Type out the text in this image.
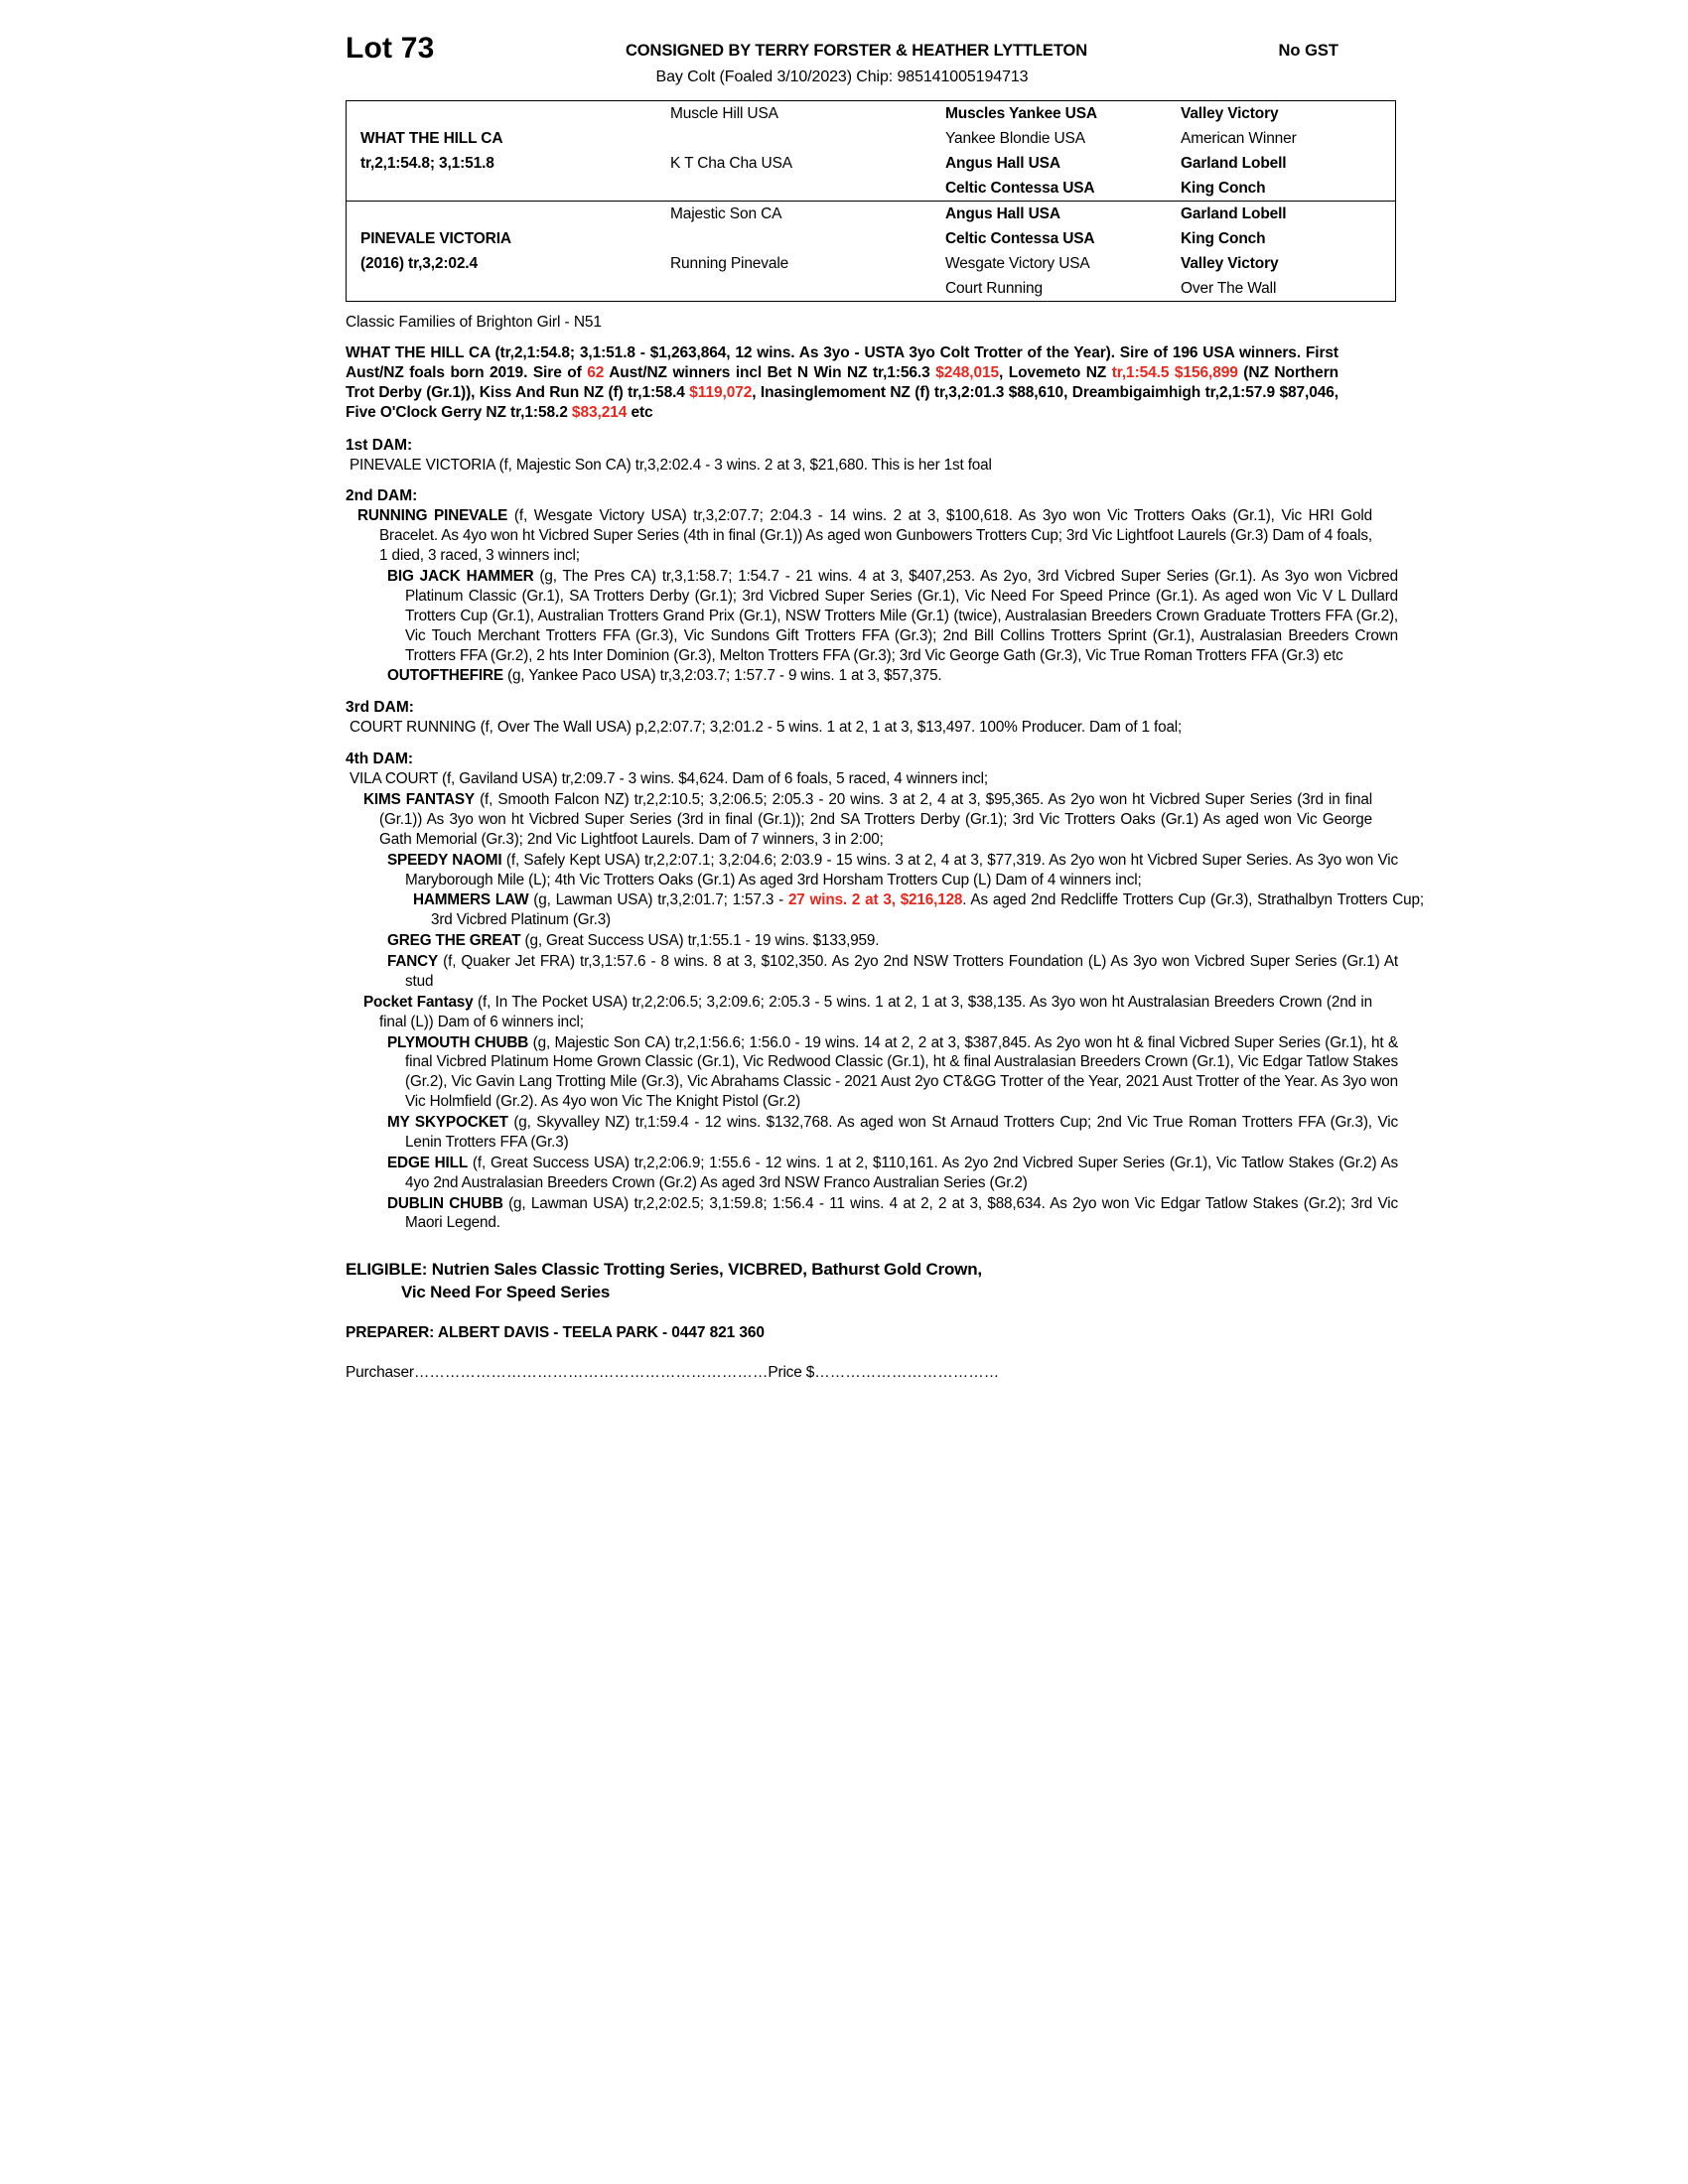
Lot 73	CONSIGNED BY TERRY FORSTER & HEATHER LYTTLETON	No GST
Bay Colt (Foaled 3/10/2023) Chip: 985141005194713
	Muscle Hill USA	Muscles Yankee USA	Valley Victory
WHAT THE HILL CA		Yankee Blondie USA	American Winner
tr,2,1:54.8; 3,1:51.8	K T Cha Cha USA	Angus Hall USA	Garland Lobell
		Celtic Contessa USA	King Conch
	Majestic Son CA	Angus Hall USA	Garland Lobell
PINEVALE VICTORIA		Celtic Contessa USA	King Conch
(2016) tr,3,2:02.4	Running Pinevale	Wesgate Victory USA	Valley Victory
		Court Running	Over The Wall
Classic Families of Brighton Girl - N51
WHAT THE HILL CA (tr,2,1:54.8; 3,1:51.8 - $1,263,864, 12 wins. As 3yo - USTA 3yo Colt Trotter of the Year). Sire of 196 USA winners. First Aust/NZ foals born 2019. Sire of 62 Aust/NZ winners incl Bet N Win NZ tr,1:56.3 $248,015, Lovemeto NZ tr,1:54.5 $156,899 (NZ Northern Trot Derby (Gr.1)), Kiss And Run NZ (f) tr,1:58.4 $119,072, Inasinglemoment NZ (f) tr,3,2:01.3 $88,610, Dreambigaimhigh tr,2,1:57.9 $87,046, Five O'Clock Gerry NZ tr,1:58.2 $83,214 etc
1st DAM:

PINEVALE VICTORIA (f, Majestic Son CA) tr,3,2:02.4 - 3 wins. 2 at 3, $21,680. This is her 1st foal

2nd DAM:

RUNNING PINEVALE (f, Wesgate Victory USA) tr,3,2:07.7; 2:04.3 - 14 wins. 2 at 3, $100,618. As 3yo won Vic Trotters Oaks (Gr.1), Vic HRI Gold Bracelet. As 4yo won ht Vicbred Super Series (4th in final (Gr.1)) As aged won Gunbowers Trotters Cup; 3rd Vic Lightfoot Laurels (Gr.3) Dam of 4 foals, 1 died, 3 raced, 3 winners incl;

BIG JACK HAMMER (g, The Pres CA) tr,3,1:58.7; 1:54.7 - 21 wins. 4 at 3, $407,253. As 2yo, 3rd Vicbred Super Series (Gr.1). As 3yo won Vicbred Platinum Classic (Gr.1), SA Trotters Derby (Gr.1); 3rd Vicbred Super Series (Gr.1), Vic Need For Speed Prince (Gr.1). As aged won Vic V L Dullard Trotters Cup (Gr.1), Australian Trotters Grand Prix (Gr.1), NSW Trotters Mile (Gr.1) (twice), Australasian Breeders Crown Graduate Trotters FFA (Gr.2), Vic Touch Merchant Trotters FFA (Gr.3), Vic Sundons Gift Trotters FFA (Gr.3); 2nd Bill Collins Trotters Sprint (Gr.1), Australasian Breeders Crown Trotters FFA (Gr.2), 2 hts Inter Dominion (Gr.3), Melton Trotters FFA (Gr.3); 3rd Vic George Gath (Gr.3), Vic True Roman Trotters FFA (Gr.3) etc

OUTOFTHEFIRE (g, Yankee Paco USA) tr,3,2:03.7; 1:57.7 - 9 wins. 1 at 3, $57,375.

3rd DAM:

COURT RUNNING (f, Over The Wall USA) p,2,2:07.7; 3,2:01.2 - 5 wins. 1 at 2, 1 at 3, $13,497. 100% Producer. Dam of 1 foal;

4th DAM:

VILA COURT (f, Gaviland USA) tr,2:09.7 - 3 wins. $4,624. Dam of 6 foals, 5 raced, 4 winners incl;

KIMS FANTASY (f, Smooth Falcon NZ) tr,2,2:10.5; 3,2:06.5; 2:05.3 - 20 wins. 3 at 2, 4 at 3, $95,365. As 2yo won ht Vicbred Super Series (3rd in final (Gr.1)) As 3yo won ht Vicbred Super Series (3rd in final (Gr.1)); 2nd SA Trotters Derby (Gr.1); 3rd Vic Trotters Oaks (Gr.1) As aged won Vic George Gath Memorial (Gr.3); 2nd Vic Lightfoot Laurels. Dam of 7 winners, 3 in 2:00;

SPEEDY NAOMI (f, Safely Kept USA) tr,2,2:07.1; 3,2:04.6; 2:03.9 - 15 wins. 3 at 2, 4 at 3, $77,319. As 2yo won ht Vicbred Super Series. As 3yo won Vic Maryborough Mile (L); 4th Vic Trotters Oaks (Gr.1) As aged 3rd Horsham Trotters Cup (L) Dam of 4 winners incl;

HAMMERS LAW (g, Lawman USA) tr,3,2:01.7; 1:57.3 - 27 wins. 2 at 3, $216,128. As aged 2nd Redcliffe Trotters Cup (Gr.3), Strathalbyn Trotters Cup; 3rd Vicbred Platinum (Gr.3)

GREG THE GREAT (g, Great Success USA) tr,1:55.1 - 19 wins. $133,959.

FANCY (f, Quaker Jet FRA) tr,3,1:57.6 - 8 wins. 8 at 3, $102,350. As 2yo 2nd NSW Trotters Foundation (L) As 3yo won Vicbred Super Series (Gr.1) At stud

Pocket Fantasy (f, In The Pocket USA) tr,2,2:06.5; 3,2:09.6; 2:05.3 - 5 wins. 1 at 2, 1 at 3, $38,135. As 3yo won ht Australasian Breeders Crown (2nd in final (L)) Dam of 6 winners incl;

PLYMOUTH CHUBB (g, Majestic Son CA) tr,2,1:56.6; 1:56.0 - 19 wins. 14 at 2, 2 at 3, $387,845. As 2yo won ht & final Vicbred Super Series (Gr.1), ht & final Vicbred Platinum Home Grown Classic (Gr.1), Vic Redwood Classic (Gr.1), ht & final Australasian Breeders Crown (Gr.1), Vic Edgar Tatlow Stakes (Gr.2), Vic Gavin Lang Trotting Mile (Gr.3), Vic Abrahams Classic - 2021 Aust 2yo CT&GG Trotter of the Year, 2021 Aust Trotter of the Year. As 3yo won Vic Holmfield (Gr.2). As 4yo won Vic The Knight Pistol (Gr.2)

MY SKYPOCKET (g, Skyvalley NZ) tr,1:59.4 - 12 wins. $132,768. As aged won St Arnaud Trotters Cup; 2nd Vic True Roman Trotters FFA (Gr.3), Vic Lenin Trotters FFA (Gr.3)

EDGE HILL (f, Great Success USA) tr,2,2:06.9; 1:55.6 - 12 wins. 1 at 2, $110,161. As 2yo 2nd Vicbred Super Series (Gr.1), Vic Tatlow Stakes (Gr.2) As 4yo 2nd Australasian Breeders Crown (Gr.2) As aged 3rd NSW Franco Australian Series (Gr.2)

DUBLIN CHUBB (g, Lawman USA) tr,2,2:02.5; 3,1:59.8; 1:56.4 - 11 wins. 4 at 2, 2 at 3, $88,634. As 2yo won Vic Edgar Tatlow Stakes (Gr.2); 3rd Vic Maori Legend.

ELIGIBLE: Nutrien Sales Classic Trotting Series, VICBRED, Bathurst Gold Crown,
Vic Need For Speed Series
PREPARER: ALBERT DAVIS - TEELA PARK - 0447 821 360
Purchaser……………………………………………………………Price $………………………………
